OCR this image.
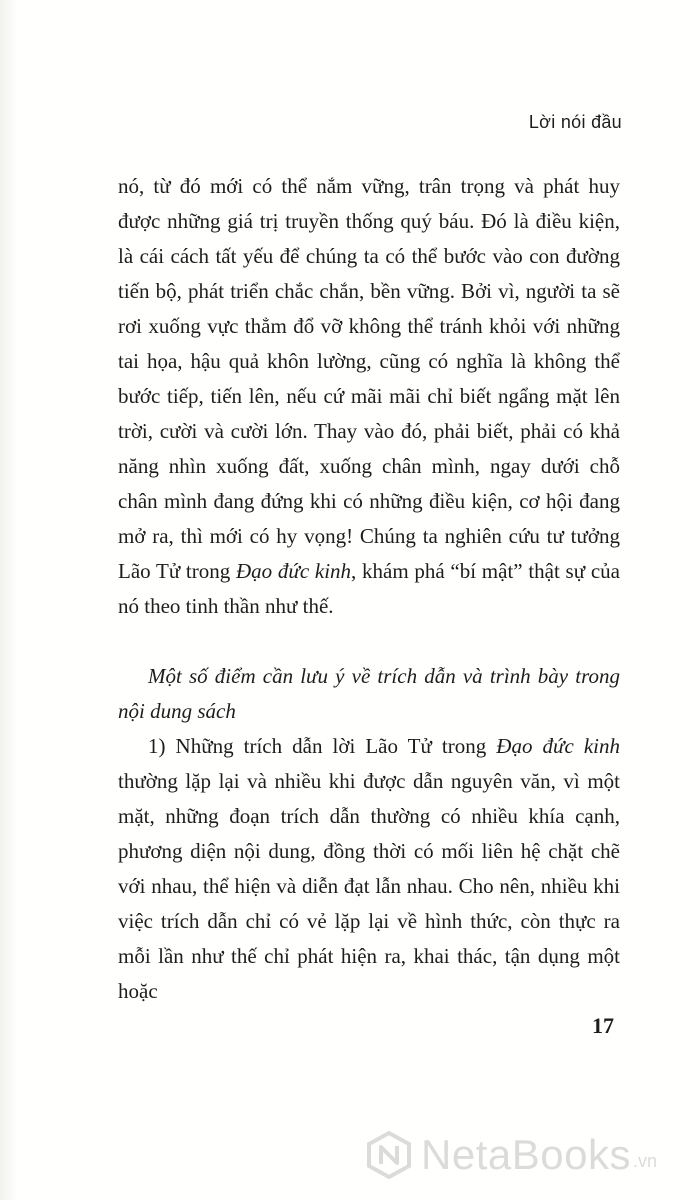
Lời nói đầu

nó, từ đó mới có thể nắm vững, trân trọng và phát huy được những giá trị truyền thống quý báu. Đó là điều kiện, là cái cách tất yếu để chúng ta có thể bước vào con đường tiến bộ, phát triển chắc chắn, bền vững. Bởi vì, người ta sẽ rơi xuống vực thẳm đổ vỡ không thể tránh khỏi với những tai họa, hậu quả khôn lường, cũng có nghĩa là không thể bước tiếp, tiến lên, nếu cứ mãi mãi chỉ biết ngẩng mặt lên trời, cười và cười lớn. Thay vào đó, phải biết, phải có khả năng nhìn xuống đất, xuống chân mình, ngay dưới chỗ chân mình đang đứng khi có những điều kiện, cơ hội đang mở ra, thì mới có hy vọng! Chúng ta nghiên cứu tư tưởng Lão Tử trong Đạo đức kinh, khám phá “bí mật” thật sự của nó theo tinh thần như thế.

Một số điểm cần lưu ý về trích dẫn và trình bày trong nội dung sách

1) Những trích dẫn lời Lão Tử trong Đạo đức kinh thường lặp lại và nhiều khi được dẫn nguyên văn, vì một mặt, những đoạn trích dẫn thường có nhiều khía cạnh, phương diện nội dung, đồng thời có mối liên hệ chặt chẽ với nhau, thể hiện và diễn đạt lẫn nhau. Cho nên, nhiều khi việc trích dẫn chỉ có vẻ lặp lại về hình thức, còn thực ra mỗi lần như thế chỉ phát hiện ra, khai thác, tận dụng một hoặc

17
NetaBooks .vn
